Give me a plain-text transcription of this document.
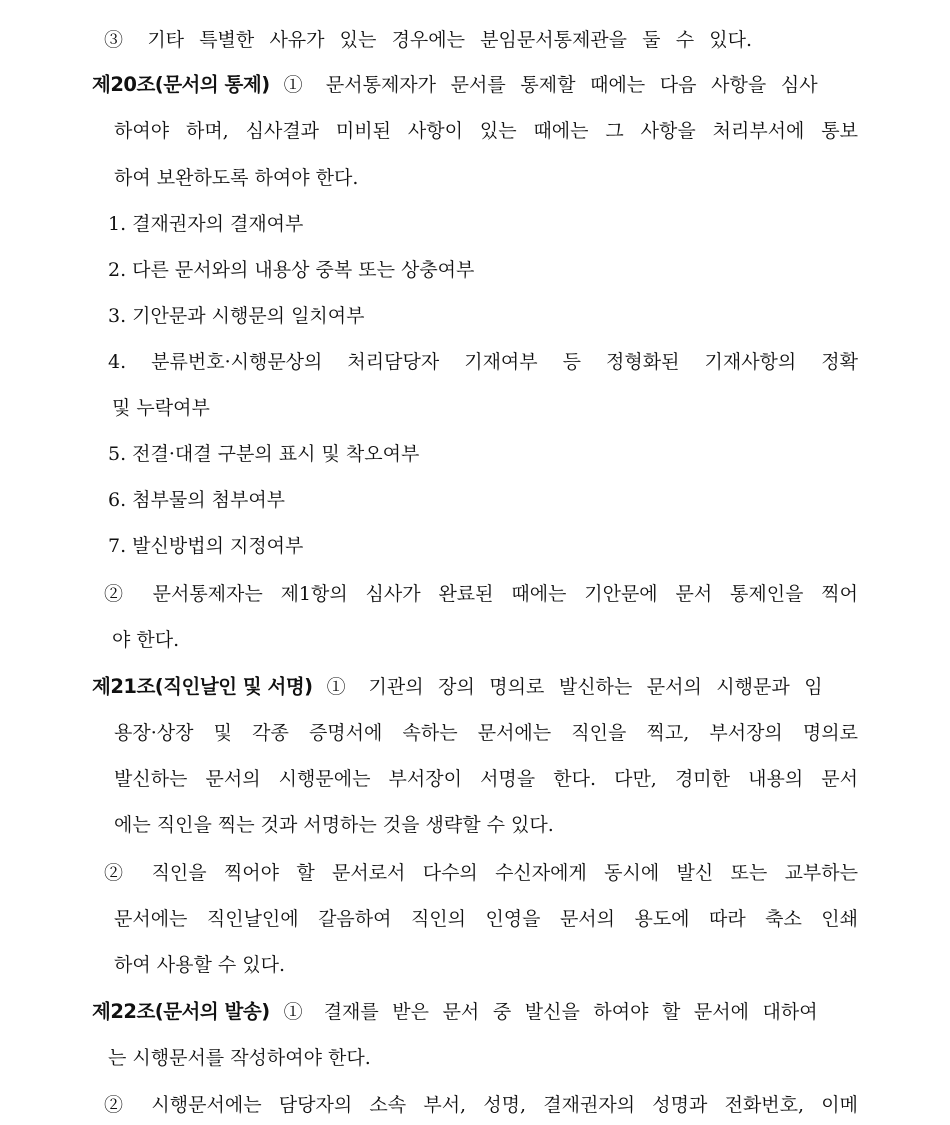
③ 기타 특별한 사유가 있는 경우에는 분임문서통제관을 둘 수 있다.
제20조(문서의 통제) ① 문서통제자가 문서를 통제할 때에는 다음 사항을 심사
하여야 하며, 심사결과 미비된 사항이 있는 때에는 그 사항을 처리부서에 통보
하여 보완하도록 하여야 한다.
1. 결재권자의 결재여부
2. 다른 문서와의 내용상 중복 또는 상충여부
3. 기안문과 시행문의 일치여부
4. 분류번호·시행문상의 처리담당자 기재여부 등 정형화된 기재사항의 정확
및 누락여부
5. 전결·대결 구분의 표시 및 착오여부
6. 첨부물의 첨부여부
7. 발신방법의 지정여부
② 문서통제자는 제1항의 심사가 완료된 때에는 기안문에 문서 통제인을 찍어
야 한다.
제21조(직인날인 및 서명) ① 기관의 장의 명의로 발신하는 문서의 시행문과 임
용장·상장 및 각종 증명서에 속하는 문서에는 직인을 찍고, 부서장의 명의로
발신하는 문서의 시행문에는 부서장이 서명을 한다. 다만, 경미한 내용의 문서
에는 직인을 찍는 것과 서명하는 것을 생략할 수 있다.
② 직인을 찍어야 할 문서로서 다수의 수신자에게 동시에 발신 또는 교부하는
문서에는 직인날인에 갈음하여 직인의 인영을 문서의 용도에 따라 축소 인쇄
하여 사용할 수 있다.
제22조(문서의 발송) ① 결재를 받은 문서 중 발신을 하여야 할 문서에 대하여
는 시행문서를 작성하여야 한다.
② 시행문서에는 담당자의 소속 부서, 성명, 결재권자의 성명과 전화번호, 이메
